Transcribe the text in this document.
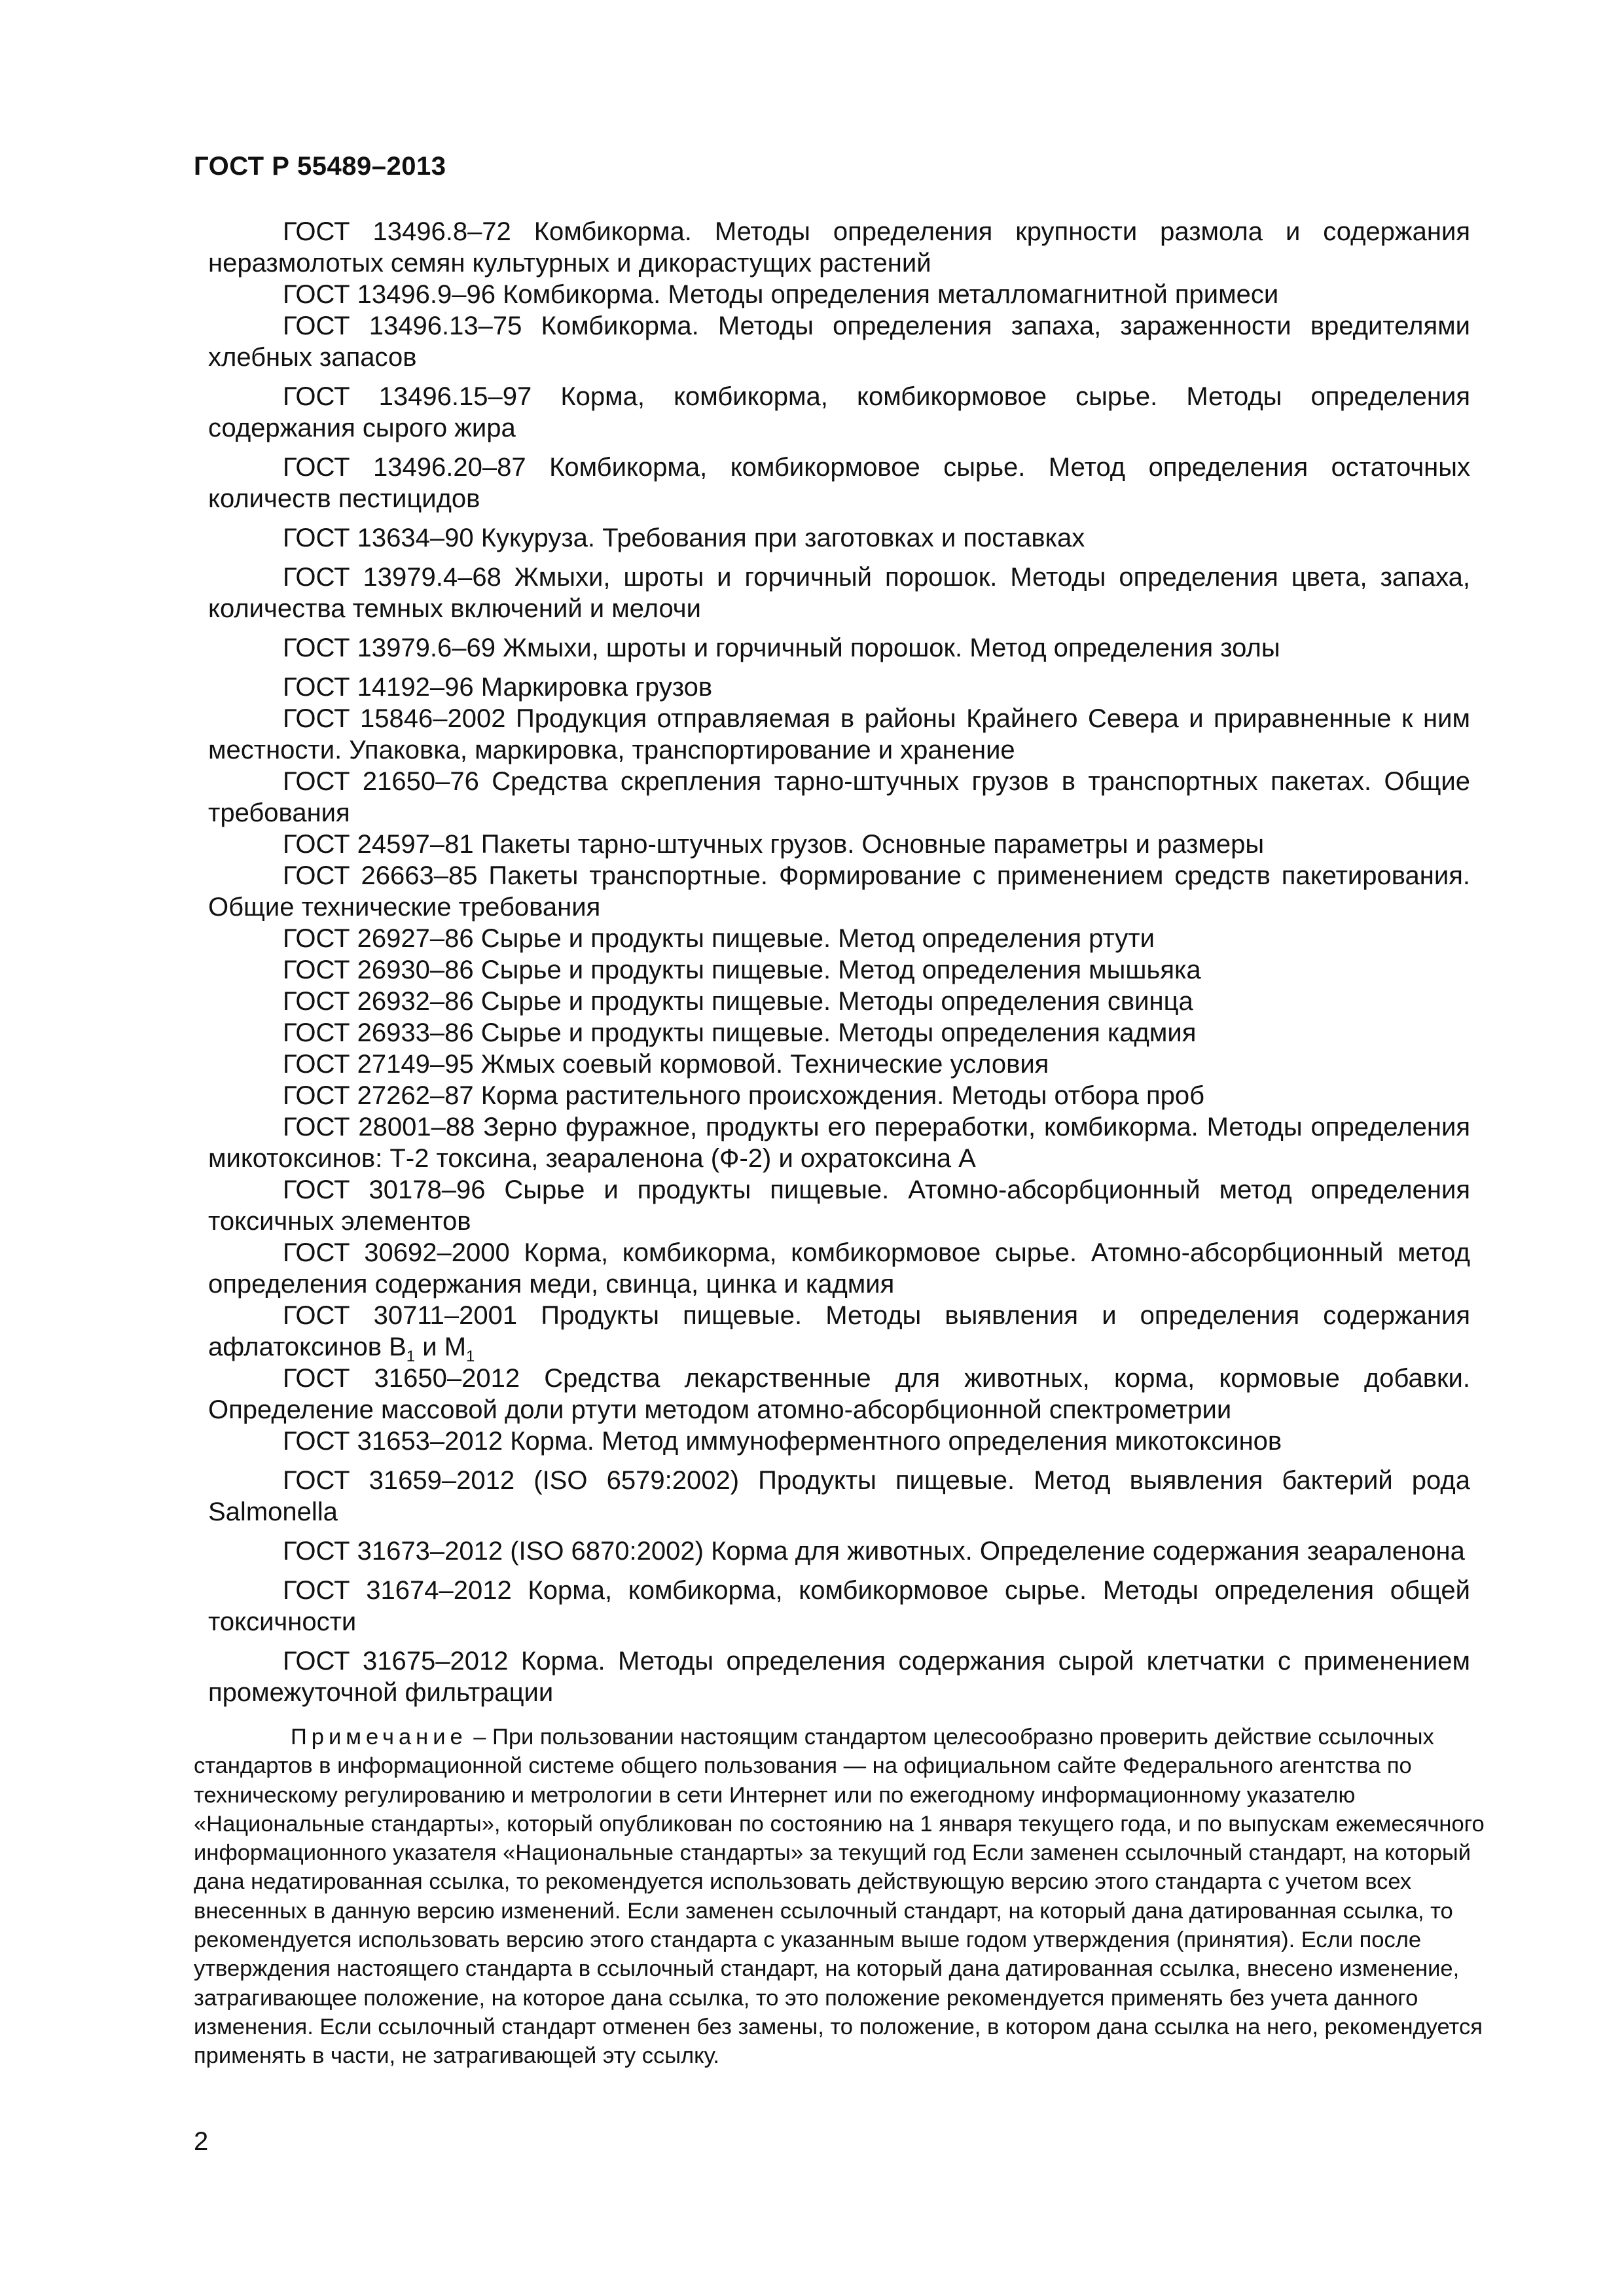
ГОСТ Р 55489–2013

ГОСТ 13496.8–72 Комбикорма. Методы определения крупности размола и содержания неразмолотых семян культурных и дикорастущих растений

ГОСТ 13496.9–96 Комбикорма. Методы определения металломагнитной примеси

ГОСТ 13496.13–75 Комбикорма. Методы определения запаха, зараженности вредителями хлебных запасов

ГОСТ 13496.15–97 Корма, комбикорма, комбикормовое сырье. Методы определения содержания сырого жира

ГОСТ 13496.20–87 Комбикорма, комбикормовое сырье. Метод определения остаточных количеств пестицидов

ГОСТ 13634–90 Кукуруза. Требования при заготовках и поставках

ГОСТ 13979.4–68 Жмыхи, шроты и горчичный порошок. Методы определения цвета, запаха, количества темных включений и мелочи

ГОСТ 13979.6–69 Жмыхи, шроты и горчичный порошок. Метод определения золы

ГОСТ 14192–96 Маркировка грузов

ГОСТ 15846–2002 Продукция отправляемая в районы Крайнего Севера и приравненные к ним местности. Упаковка, маркировка, транспортирование и хранение

ГОСТ 21650–76 Средства скрепления тарно-штучных грузов в транспортных пакетах. Общие требования

ГОСТ 24597–81 Пакеты тарно-штучных грузов. Основные параметры и размеры

ГОСТ 26663–85 Пакеты транспортные. Формирование с применением средств пакетирования. Общие технические требования

ГОСТ 26927–86 Сырье и продукты пищевые. Метод определения ртути

ГОСТ 26930–86 Сырье и продукты пищевые. Метод определения мышьяка

ГОСТ 26932–86 Сырье и продукты пищевые. Методы определения свинца

ГОСТ 26933–86 Сырье и продукты пищевые. Методы определения кадмия

ГОСТ 27149–95 Жмых соевый кормовой. Технические условия

ГОСТ 27262–87 Корма растительного происхождения. Методы отбора проб

ГОСТ 28001–88 Зерно фуражное, продукты его переработки, комбикорма. Методы определения микотоксинов: Т-2 токсина, зеараленона (Ф-2) и охратоксина А

ГОСТ 30178–96 Сырье и продукты пищевые. Атомно-абсорбционный метод определения токсичных элементов

ГОСТ 30692–2000 Корма, комбикорма, комбикормовое сырье. Атомно-абсорбционный метод определения содержания меди, свинца, цинка и кадмия

ГОСТ 30711–2001 Продукты пищевые. Методы выявления и определения содержания афлатоксинов $В_1$ и $М_1$

ГОСТ 31650–2012 Средства лекарственные для животных, корма, кормовые добавки. Определение массовой доли ртути методом атомно-абсорбционной спектрометрии

ГОСТ 31653–2012 Корма. Метод иммуноферментного определения микотоксинов

ГОСТ 31659–2012 (ISO 6579:2002) Продукты пищевые. Метод выявления бактерий рода Salmonella

ГОСТ 31673–2012 (ISO 6870:2002) Корма для животных. Определение содержания зеараленона

ГОСТ 31674–2012 Корма, комбикорма, комбикормовое сырье. Методы определения общей токсичности

ГОСТ 31675–2012 Корма. Методы определения содержания сырой клетчатки с применением промежуточной фильтрации

Примечание – При пользовании настоящим стандартом целесообразно проверить действие ссылочных стандартов в информационной системе общего пользования — на официальном сайте Федерального агентства по техническому регулированию и метрологии в сети Интернет или по ежегодному информационному указателю «Национальные стандарты», который опубликован по состоянию на 1 января текущего года, и по выпускам ежемесячного информационного указателя «Национальные стандарты» за текущий год Если заменен ссылочный стандарт, на который дана недатированная ссылка, то рекомендуется использовать действующую версию этого стандарта с учетом всех внесенных в данную версию изменений. Если заменен ссылочный стандарт, на который дана датированная ссылка, то рекомендуется использовать версию этого стандарта с указанным выше годом утверждения (принятия). Если после утверждения настоящего стандарта в ссылочный стандарт, на который дана датированная ссылка, внесено изменение, затрагивающее положение, на которое дана ссылка, то это положение рекомендуется применять без учета данного изменения. Если ссылочный стандарт отменен без замены, то положение, в котором дана ссылка на него, рекомендуется применять в части, не затрагивающей эту ссылку.
2
